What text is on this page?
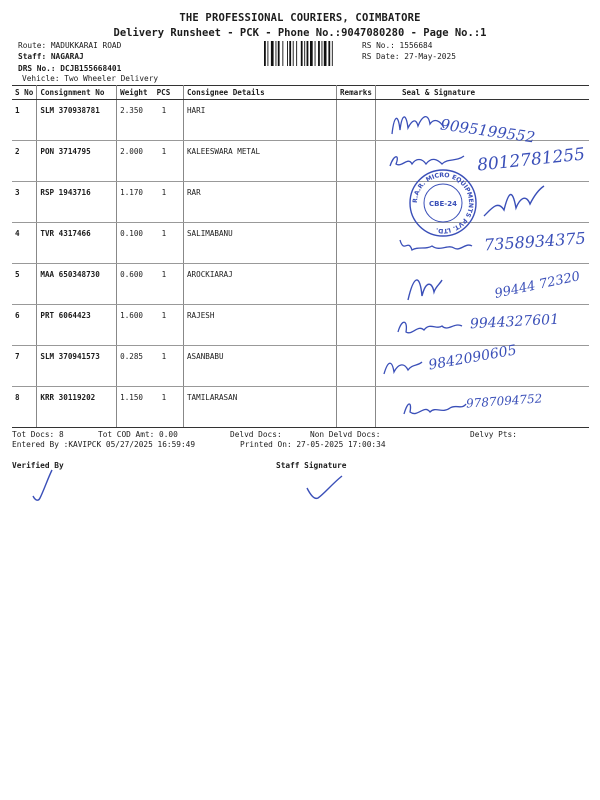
THE PROFESSIONAL COURIERS, COIMBATORE
Delivery Runsheet - PCK - Phone No.:9047080280 - Page No.:1
Route: MADUKKARAI ROAD
Staff: NAGARAJ
DRS No.: DCJB155668401
Vehicle: Two Wheeler Delivery
RS No.: 1556684
RS Date: 27-May-2025
S No	Consignment No	Weight	PCS	Consignee Details	Remarks	Seal & Signature
1	SLM 370938781	2.350	1	HARI		
2	PON 3714795	2.000	1	KALEESWARA METAL		
3	RSP 1943716	1.170	1	RAR		
4	TVR 4317466	0.100	1	SALIMABANU		
5	MAA 650348730	0.600	1	AROCKIARAJ		
6	PRT 6064423	1.600	1	RAJESH		
7	SLM 370941573	0.285	1	ASANBABU		
8	KRR 30119202	1.150	1	TAMILARASAN		
9095199552
8012781255
R.A.R. MICRO EQUIPMENTS PVT. LTD.
CBE-24
7358934375
99444 72320
9944327601
9842090605
9787094752
Tot Docs: 8	Tot COD Amt: 0.00	Delvd Docs:	Non Delvd Docs:	Delvy Pts:
Entered By :KAVIPCK 05/27/2025 16:59:49	Printed On: 27-05-2025 17:00:34
Verified By	Staff Signature
